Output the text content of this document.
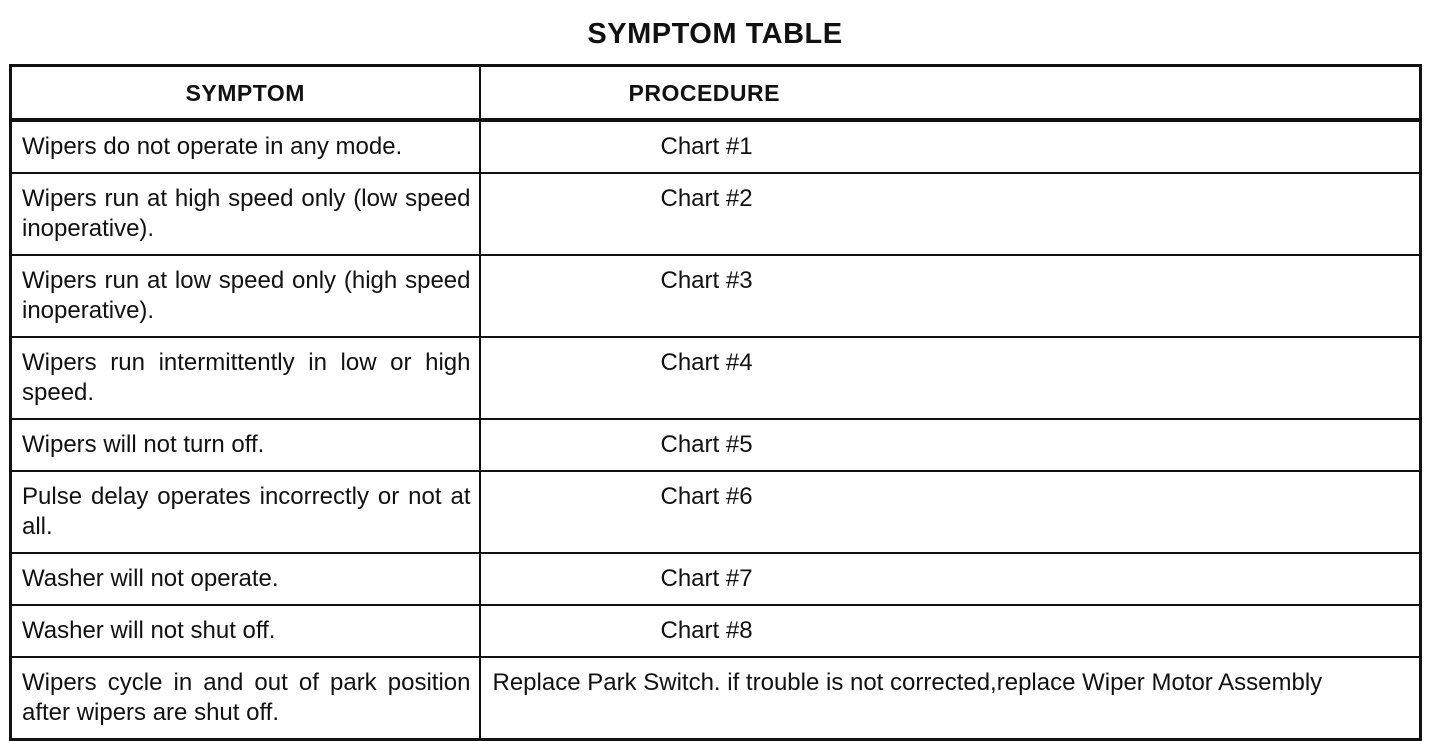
SYMPTOM TABLE
SYMPTOM	PROCEDURE
Wipers do not operate in any mode.	Chart #1
Wipers run at high speed only (low speed inoperative).	Chart #2
Wipers run at low speed only (high speed inoperative).	Chart #3
Wipers run intermittently in low or high speed.	Chart #4
Wipers will not turn off.	Chart #5
Pulse delay operates incorrectly or not at all.	Chart #6
Washer will not operate.	Chart #7
Washer will not shut off.	Chart #8
Wipers cycle in and out of park position after wipers are shut off.	Replace Park Switch. if trouble is not corrected,replace Wiper Motor Assembly
